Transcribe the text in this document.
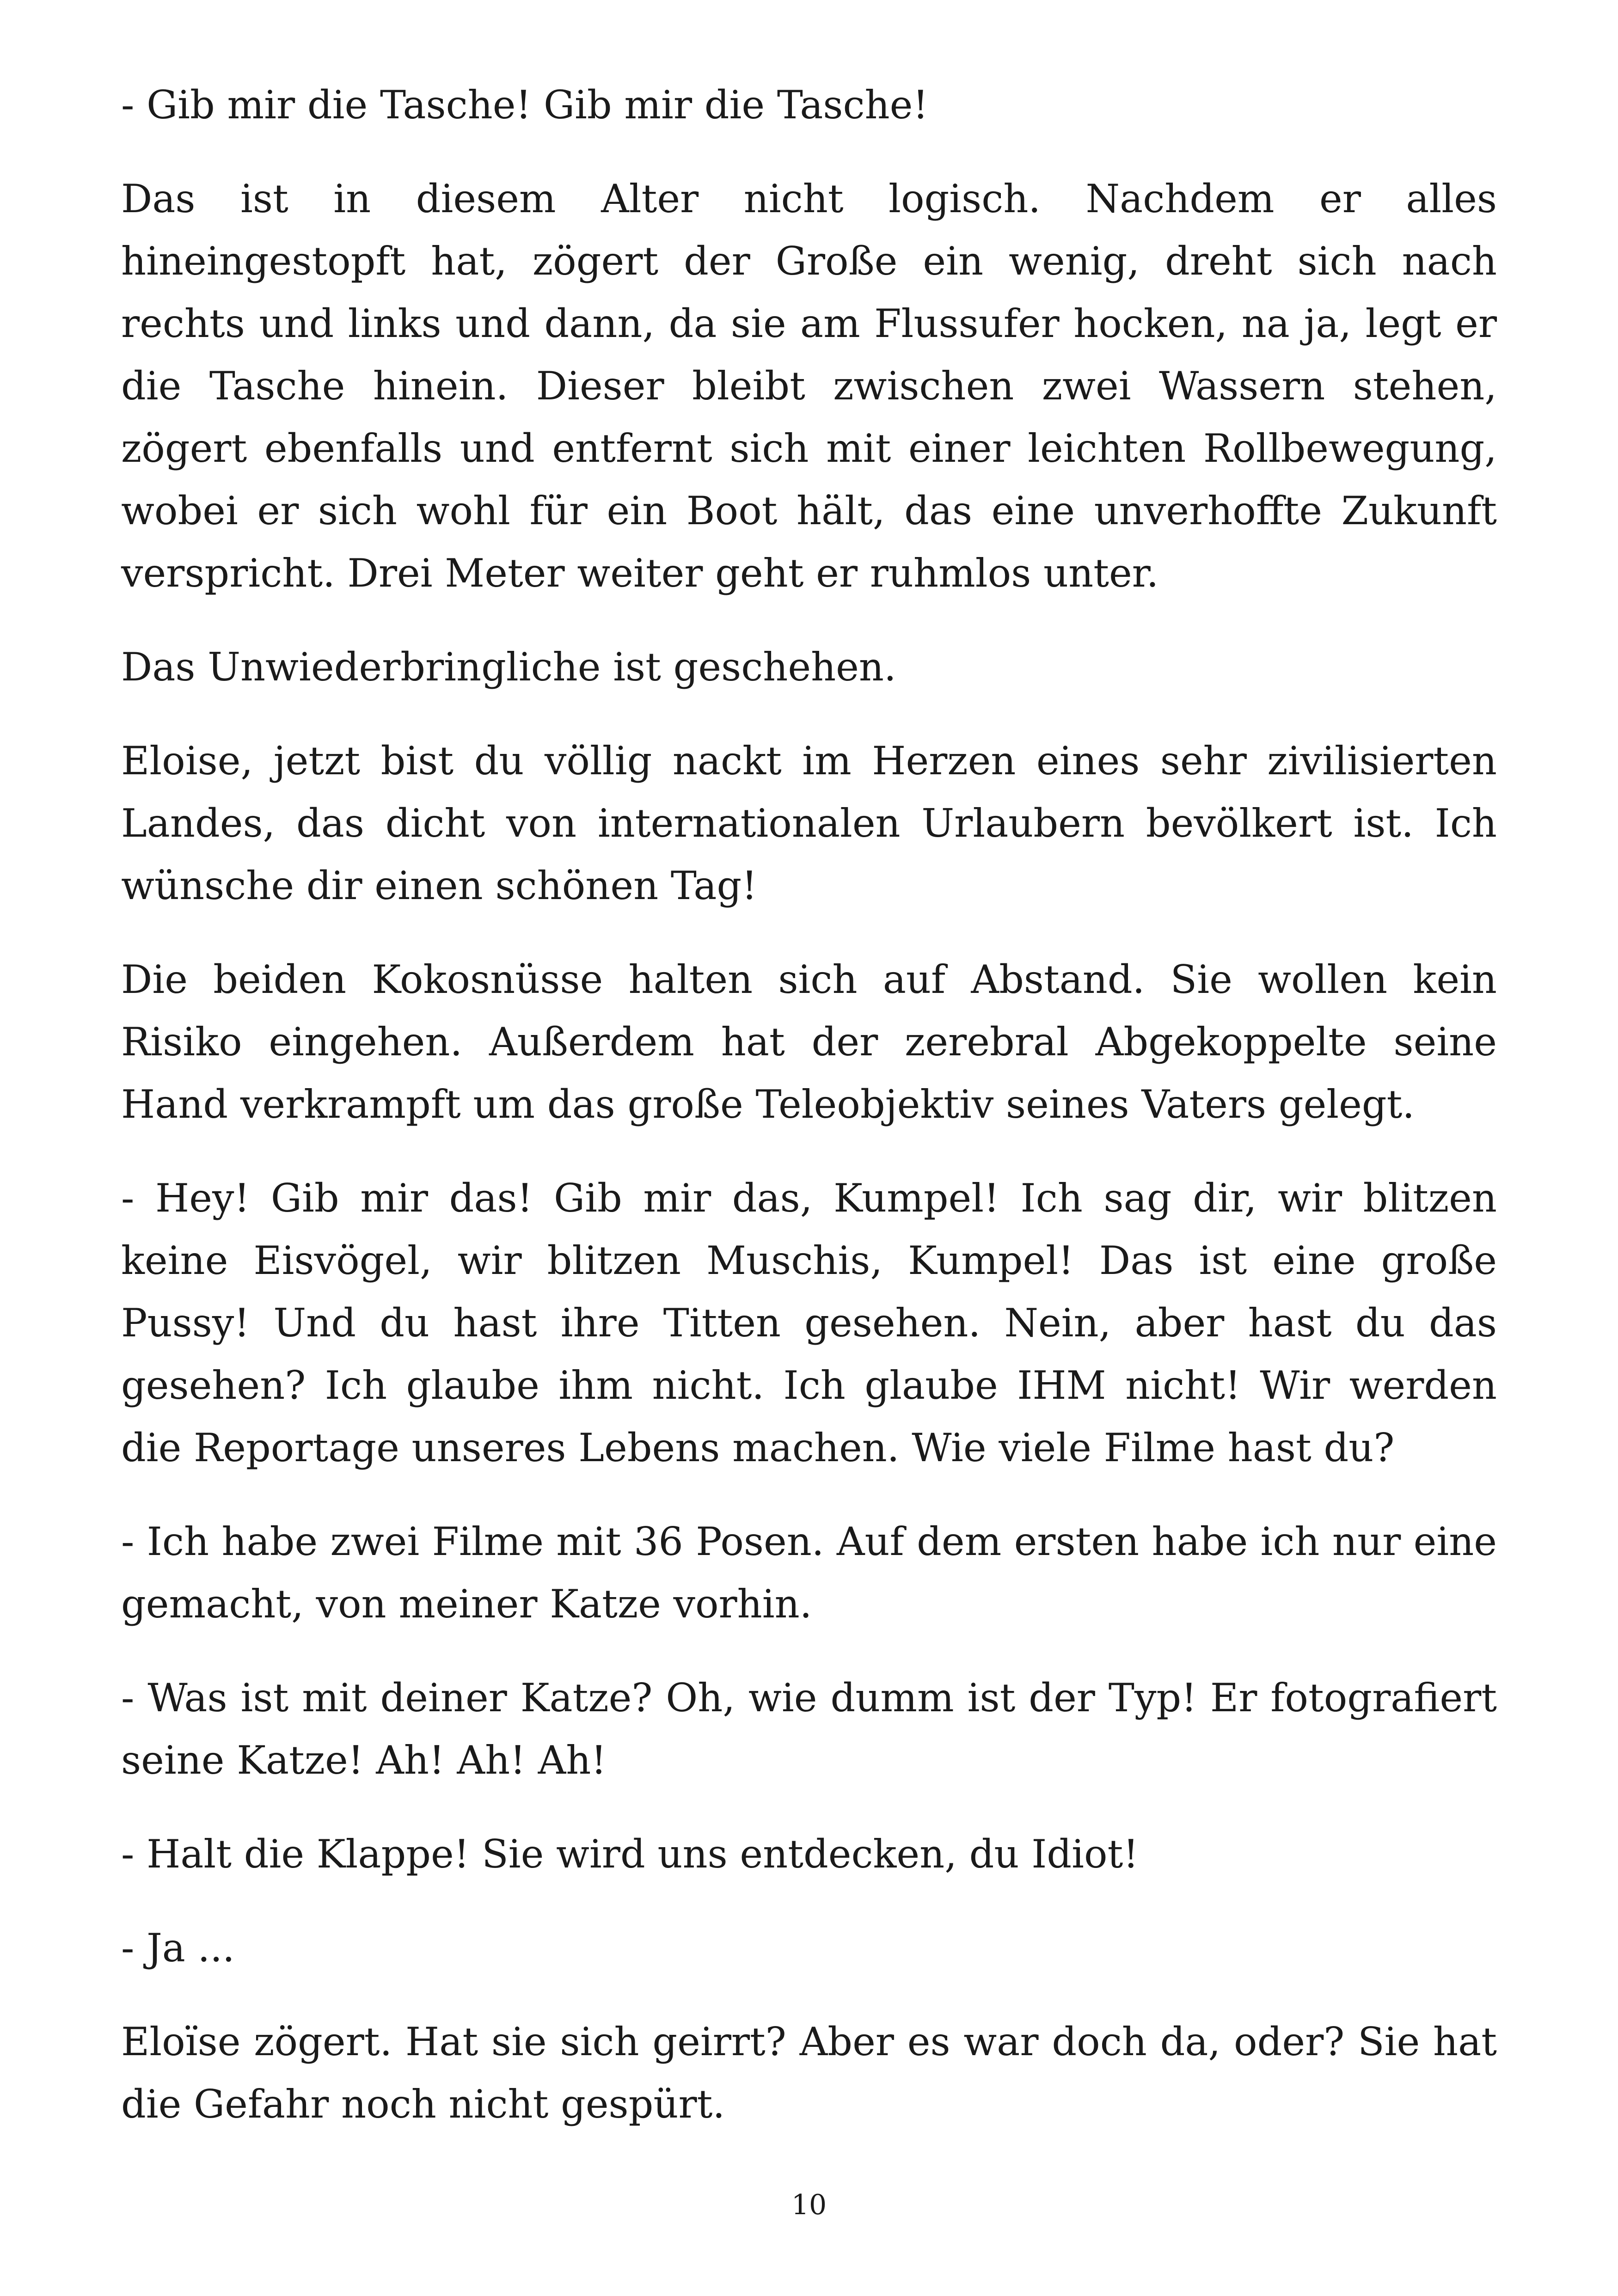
- Gib mir die Tasche! Gib mir die Tasche!

Das ist in diesem Alter nicht logisch. Nachdem er alles hineingestopft hat, zögert der Große ein wenig, dreht sich nach rechts und links und dann, da sie am Flussufer hocken, na ja, legt er die Tasche hinein. Dieser bleibt zwischen zwei Wassern stehen, zögert ebenfalls und entfernt sich mit einer leichten Rollbewegung, wobei er sich wohl für ein Boot hält, das eine unverhoffte Zukunft verspricht. Drei Meter weiter geht er ruhmlos unter.

Das Unwiederbringliche ist geschehen.

Eloise, jetzt bist du völlig nackt im Herzen eines sehr zivilisierten Landes, das dicht von internationalen Urlaubern bevölkert ist. Ich wünsche dir einen schönen Tag!

Die beiden Kokosnüsse halten sich auf Abstand. Sie wollen kein Risiko eingehen. Außerdem hat der zerebral Abgekoppelte seine Hand verkrampft um das große Teleobjektiv seines Vaters gelegt.

- Hey! Gib mir das! Gib mir das, Kumpel! Ich sag dir, wir blitzen keine Eisvögel, wir blitzen Muschis, Kumpel! Das ist eine große Pussy! Und du hast ihre Titten gesehen. Nein, aber hast du das gesehen? Ich glaube ihm nicht. Ich glaube IHM nicht! Wir werden die Reportage unseres Lebens machen. Wie viele Filme hast du?

- Ich habe zwei Filme mit 36 Posen. Auf dem ersten habe ich nur eine gemacht, von meiner Katze vorhin.

- Was ist mit deiner Katze? Oh, wie dumm ist der Typ! Er fotografiert seine Katze! Ah! Ah! Ah!

- Halt die Klappe! Sie wird uns entdecken, du Idiot!

- Ja ...

Eloïse zögert. Hat sie sich geirrt? Aber es war doch da, oder? Sie hat die Gefahr noch nicht gespürt.

10
